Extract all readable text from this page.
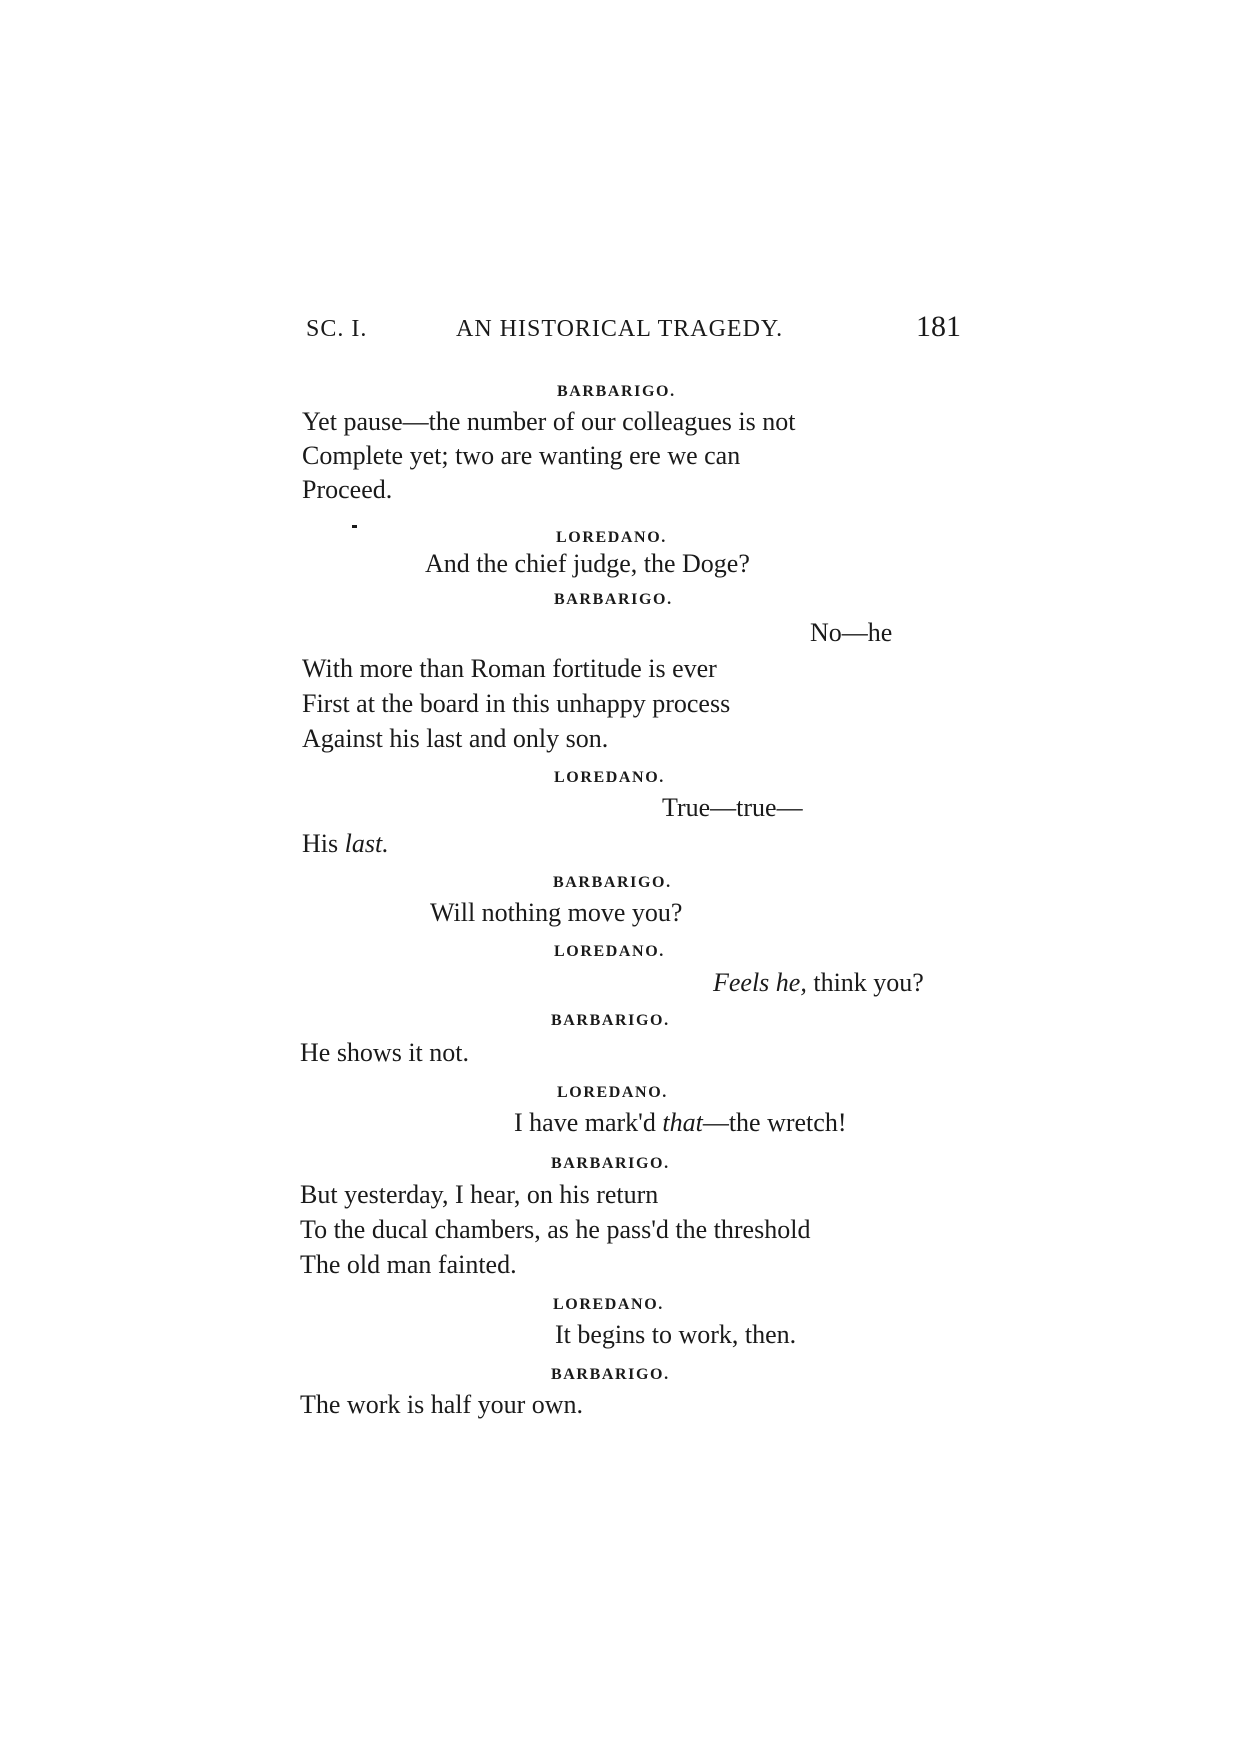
SC. I.	AN HISTORICAL TRAGEDY.	181
BARBARIGO.
Yet pause—the number of our colleagues is not
Complete yet; two are wanting ere we can
Proceed.
LOREDANO.
And the chief judge, the Doge?
BARBARIGO.
No—he
With more than Roman fortitude is ever
First at the board in this unhappy process
Against his last and only son.
LOREDANO.
True—true—
His last.
BARBARIGO.
Will nothing move you?
LOREDANO.
Feels he, think you?
BARBARIGO.
He shows it not.
LOREDANO.
I have mark'd that—the wretch!
BARBARIGO.
But yesterday, I hear, on his return
To the ducal chambers, as he pass'd the threshold
The old man fainted.
LOREDANO.
It begins to work, then.
BARBARIGO.
The work is half your own.
